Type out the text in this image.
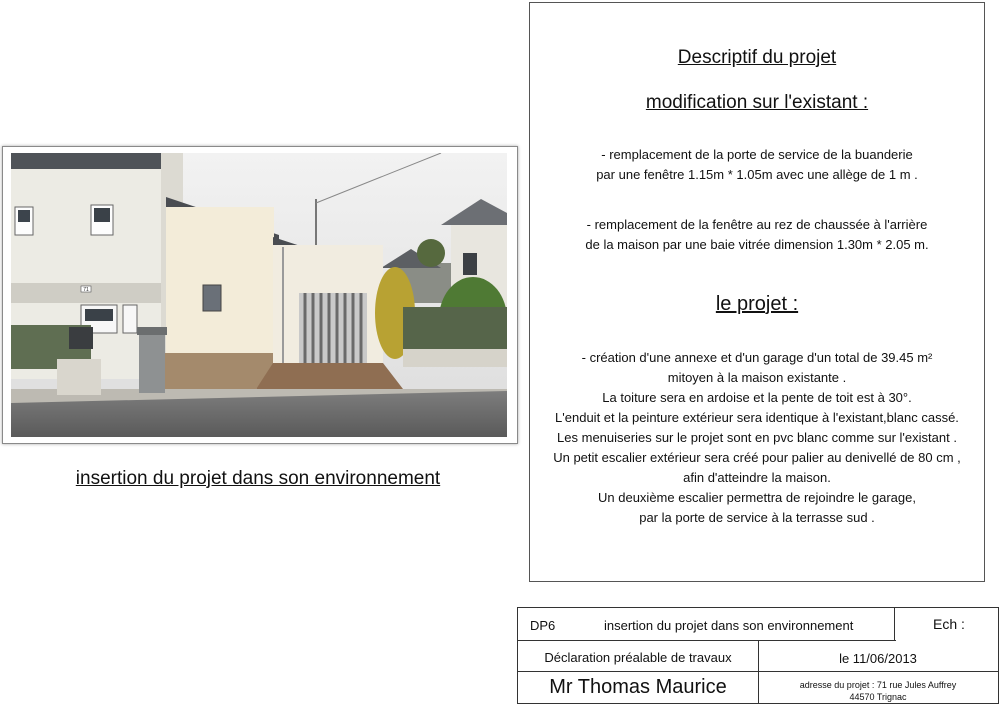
71
insertion du projet dans son environnement
Descriptif du projet
modification sur l'existant :
- remplacement de la porte de service de la buanderie
par une fenêtre 1.15m * 1.05m avec une allège de 1 m .
- remplacement de la fenêtre au rez de chaussée à l'arrière
de la maison par une baie vitrée dimension 1.30m * 2.05 m.
le projet :
- création d'une annexe et d'un garage d'un total de 39.45 m²
mitoyen à la maison existante .
La toiture sera en ardoise et la pente de toit est à 30°.
L'enduit et la peinture extérieur sera identique à l'existant,blanc cassé.
Les menuiseries sur le projet sont en pvc blanc comme sur l'existant .
Un petit escalier extérieur sera créé pour palier au denivellé de 80 cm ,
afin d'atteindre la maison.
Un deuxième escalier permettra de rejoindre le garage,
par la porte de service à la terrasse sud .
DP6	insertion du projet dans son environnement	Ech :
Déclaration préalable de travaux	le 11/06/2013
Mr Thomas Maurice	adresse du projet : 71 rue Jules Auffrey
44570 Trignac
